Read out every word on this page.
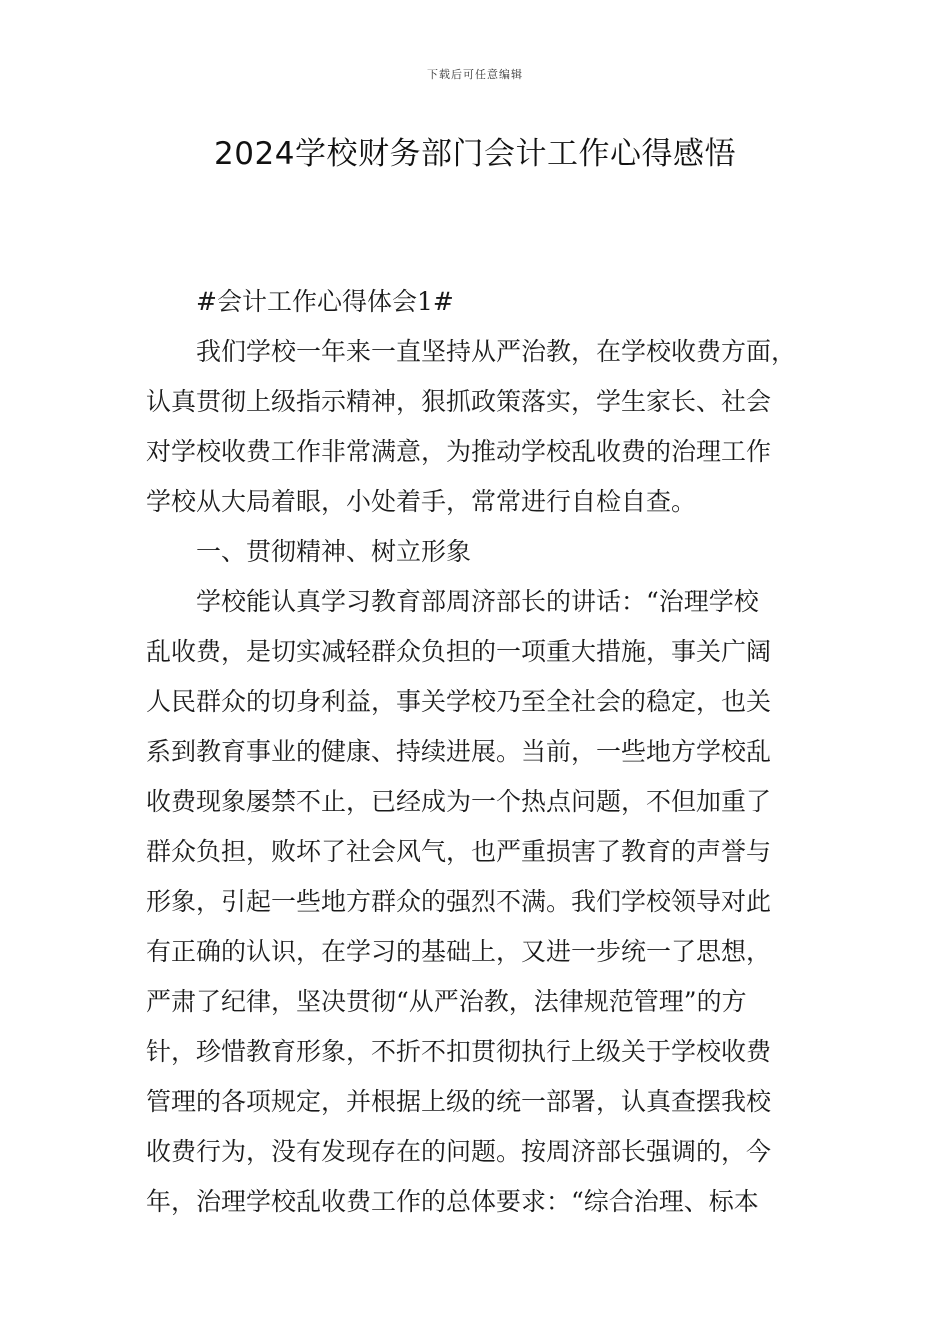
下载后可任意编辑
2024学校财务部门会计工作心得感悟
#会计工作心得体会1#
我们学校一年来一直坚持从严治教，在学校收费方面，
认真贯彻上级指示精神，狠抓政策落实，学生家长、社会
对学校收费工作非常满意，为推动学校乱收费的治理工作
学校从大局着眼，小处着手，常常进行自检自查。
一、贯彻精神、树立形象
学校能认真学习教育部周济部长的讲话：“治理学校
乱收费，是切实减轻群众负担的一项重大措施，事关广阔
人民群众的切身利益，事关学校乃至全社会的稳定，也关
系到教育事业的健康、持续进展。当前，一些地方学校乱
收费现象屡禁不止，已经成为一个热点问题，不但加重了
群众负担，败坏了社会风气，也严重损害了教育的声誉与
形象，引起一些地方群众的强烈不满。我们学校领导对此
有正确的认识，在学习的基础上，又进一步统一了思想，
严肃了纪律，坚决贯彻“从严治教，法律规范管理”的方
针，珍惜教育形象，不折不扣贯彻执行上级关于学校收费
管理的各项规定，并根据上级的统一部署，认真查摆我校
收费行为，没有发现存在的问题。按周济部长强调的，今
年，治理学校乱收费工作的总体要求：“综合治理、标本
